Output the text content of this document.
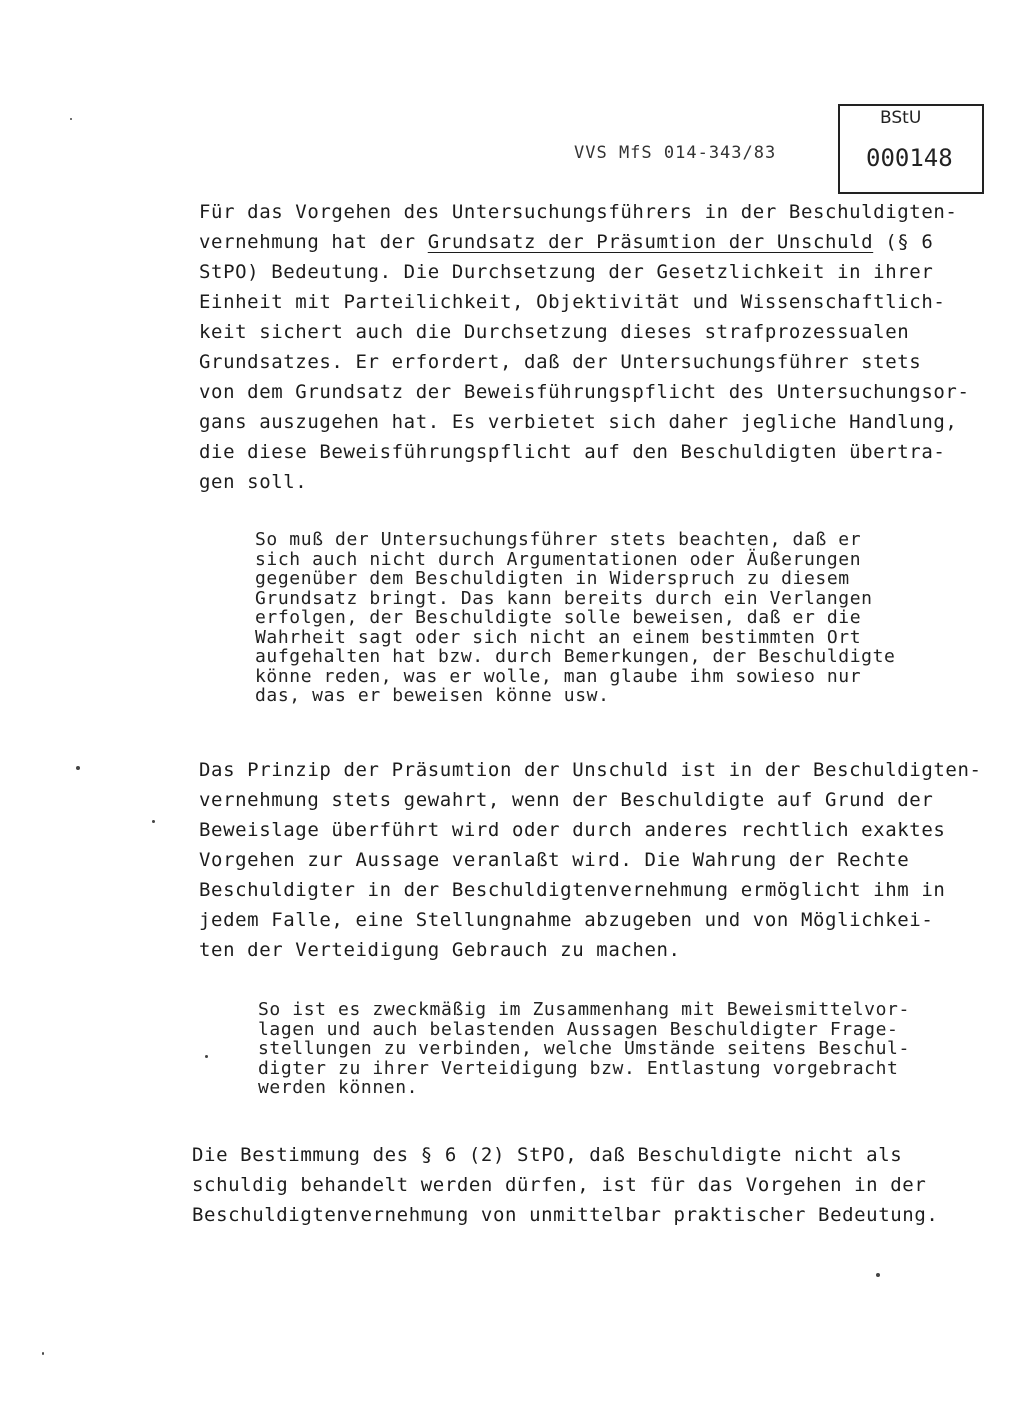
VVS MfS 014-343/83
BStU
000148
Für das Vorgehen des Untersuchungsführers in der Beschuldigten-
vernehmung hat der Grundsatz der Präsumtion der Unschuld (§ 6
StPO) Bedeutung. Die Durchsetzung der Gesetzlichkeit in ihrer
Einheit mit Parteilichkeit, Objektivität und Wissenschaftlich-
keit sichert auch die Durchsetzung dieses strafprozessualen
Grundsatzes. Er erfordert, daß der Untersuchungsführer stets
von dem Grundsatz der Beweisführungspflicht des Untersuchungsor-
gans auszugehen hat. Es verbietet sich daher jegliche Handlung,
die diese Beweisführungspflicht auf den Beschuldigten übertra-
gen soll.
So muß der Untersuchungsführer stets beachten, daß er
sich auch nicht durch Argumentationen oder Äußerungen
gegenüber dem Beschuldigten in Widerspruch zu diesem
Grundsatz bringt. Das kann bereits durch ein Verlangen
erfolgen, der Beschuldigte solle beweisen, daß er die
Wahrheit sagt oder sich nicht an einem bestimmten Ort
aufgehalten hat bzw. durch Bemerkungen, der Beschuldigte
könne reden, was er wolle, man glaube ihm sowieso nur
das, was er beweisen könne usw.
Das Prinzip der Präsumtion der Unschuld ist in der Beschuldigten-
vernehmung stets gewahrt, wenn der Beschuldigte auf Grund der
Beweislage überführt wird oder durch anderes rechtlich exaktes
Vorgehen zur Aussage veranlaßt wird. Die Wahrung der Rechte
Beschuldigter in der Beschuldigtenvernehmung ermöglicht ihm in
jedem Falle, eine Stellungnahme abzugeben und von Möglichkei-
ten der Verteidigung Gebrauch zu machen.
So ist es zweckmäßig im Zusammenhang mit Beweismittelvor-
lagen und auch belastenden Aussagen Beschuldigter Frage-
stellungen zu verbinden, welche Umstände seitens Beschul-
digter zu ihrer Verteidigung bzw. Entlastung vorgebracht
werden können.
Die Bestimmung des § 6 (2) StPO, daß Beschuldigte nicht als
schuldig behandelt werden dürfen, ist für das Vorgehen in der
Beschuldigtenvernehmung von unmittelbar praktischer Bedeutung.
